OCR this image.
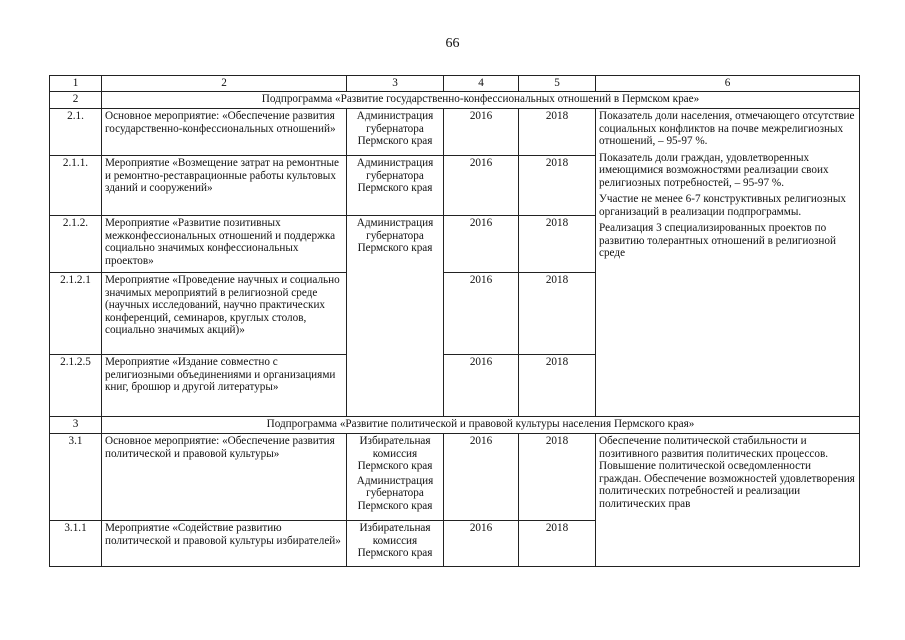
66
1	2	3	4	5	6
2	Подпрограмма «Развитие государственно-конфессиональных отношений в Пермском крае»				
2.1.	Основное мероприятие: «Обеспечение развития государственно-конфессиональных отношений»	Администрация губернатора Пермского края	2016	2018	Показатель доли населения, отмечающего отсутствие социальных конфликтов на почве межрелигиозных отношений, – 95-97 %.
Показатель доли граждан, удовлетворенных имеющимися возможностями реализации своих религиозных потребностей, – 95-97 %.
Участие не менее 6-7 конструктивных религиозных организаций в реализации подпрограммы.
Реализация 3 специализированных проектов по развитию толерантных отношений в религиозной среде

2.1.1.	Мероприятие «Возмещение затрат на ремонтные и ремонтно-реставрационные работы культовых зданий и сооружений»	Администрация губернатора Пермского края	2016	2018	
2.1.2.	Мероприятие «Развитие позитивных межконфессиональных отношений и поддержка социально значимых конфессиональных проектов»	Администрация губернатора Пермского края	2016	2018	
2.1.2.1	Мероприятие «Проведение научных и социально значимых мероприятий в религиозной среде (научных исследований, научно практических конференций, семинаров, круглых столов, социально значимых акций)»		2016	2018	
2.1.2.5	Мероприятие «Издание совместно с религиозными объединениями и организациями книг, брошюр и другой литературы»		2016	2018	
3	Подпрограмма «Развитие политической и правовой культуры населения Пермского края»				
3.1	Основное мероприятие: «Обеспечение развития политической и правовой культуры»	Избирательная комиссия Пермского края
Администрация губернатора Пермского края	2016	2018	Обеспечение политической стабильности и позитивного развития политических процессов. Повышение политической осведомленности граждан. Обеспечение возможностей удовлетворения политических потребностей и реализации политических прав
3.1.1	Мероприятие «Содействие развитию политической и правовой культуры избирателей»	Избирательная комиссия Пермского края	2016	2018	
